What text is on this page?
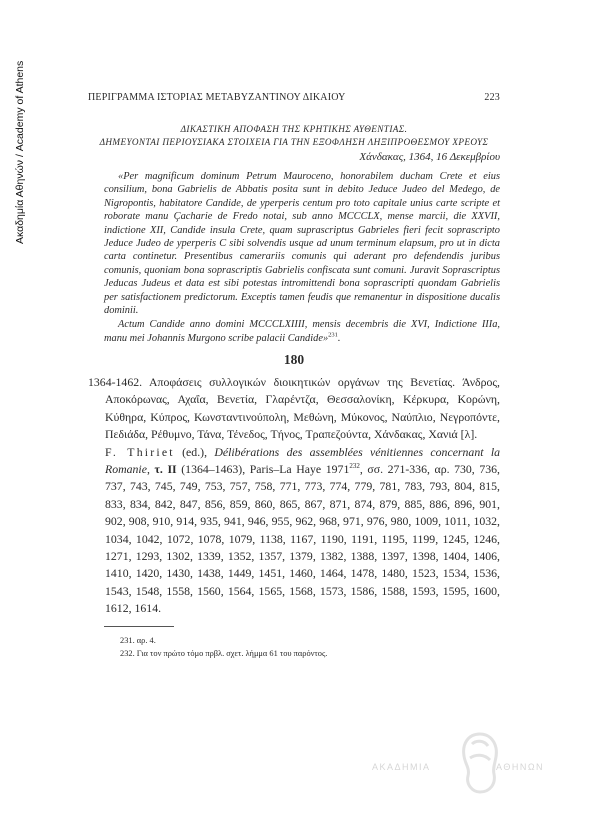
Ακαδημία Αθηνών / Academy of Athens	ΠΕΡΙΓΡΑΜΜΑ ΙΣΤΟΡΙΑΣ ΜΕΤΑΒΥΖΑΝΤΙΝΟΥ ΔΙΚΑΙΟΥ	223
ΔΙΚΑΣΤΙΚΗ ΑΠΟΦΑΣΗ ΤΗΣ ΚΡΗΤΙΚΗΣ ΑΥΘΕΝΤΙΑΣ.
ΔΗΜΕΥΟΝΤΑΙ ΠΕΡΙΟΥΣΙΑΚΑ ΣΤΟΙΧΕΙΑ ΓΙΑ ΤΗΝ ΕΞΟΦΛΗΣΗ ΛΗΞΙΠΡΟΘΕΣΜΟΥ ΧΡΕΟΥΣ
Χάνδακας, 1364, 16 Δεκεμβρίου

«Per magnificum dominum Petrum Mauroceno, honorabilem ducham Crete et eius consilium, bona Gabrielis de Abbatis posita sunt in debito Jeduce Judeo del Medego, de Nigropontis, habitatore Candide, de yperperis centum pro toto capitale unius carte scripte et roborate manu Çacharie de Fredo notai, sub anno MCCCLX, mense marcii, die XXVII, indictione XII, Candide insula Crete, quam suprascriptus Gabrieles fieri fecit soprascripto Jeduce Judeo de yperperis C sibi solvendis usque ad unum terminum elapsum, pro ut in dicta carta continetur. Presentibus camerariis comunis qui aderant pro defendendis juribus comunis, quoniam bona soprascriptis Gabrielis confiscata sunt comuni. Juravit Soprascriptus Jeducas Judeus et data est sibi potestas intromittendi bona soprascripti quondam Gabrielis per satisfactionem predictorum. Exceptis tamen feudis que remanentur in dispositione ducalis dominii.

Actum Candide anno domini MCCCLXIIII, mensis decembris die XVI, Indictione IIIa, manu mei Johannis Murgono scribe palacii Candide»$^{231}$.

180

1364-1462. Αποφάσεις συλλογικών διοικητικών οργάνων της Βενετίας. Άνδρος, Αποκόρωνας, Αχαΐα, Βενετία, Γλαρέντζα, Θεσσαλονίκη, Κέρκυρα, Κορώνη, Κύθηρα, Κύπρος, Κωνσταντινούπολη, Μεθώνη, Μύκονος, Ναύπλιο, Νεγροπόντε, Πεδιάδα, Ρέθυμνο, Τάνα, Τένεδος, Τήνος, Τραπεζούντα, Χάνδακας, Χανιά [λ].

F. Thiriet (ed.), Délibérations des assemblées vénitiennes concernant la Romanie, τ. II (1364–1463), Paris–La Haye 1971$^{232}$, σσ. 271-336, αρ. 730, 736, 737, 743, 745, 749, 753, 757, 758, 771, 773, 774, 779, 781, 783, 793, 804, 815, 833, 834, 842, 847, 856, 859, 860, 865, 867, 871, 874, 879, 885, 886, 896, 901, 902, 908, 910, 914, 935, 941, 946, 955, 962, 968, 971, 976, 980, 1009, 1011, 1032, 1034, 1042, 1072, 1078, 1079, 1138, 1167, 1190, 1191, 1195, 1199, 1245, 1246, 1271, 1293, 1302, 1339, 1352, 1357, 1379, 1382, 1388, 1397, 1398, 1404, 1406, 1410, 1420, 1430, 1438, 1449, 1451, 1460, 1464, 1478, 1480, 1523, 1534, 1536, 1543, 1548, 1558, 1560, 1564, 1565, 1568, 1573, 1586, 1588, 1593, 1595, 1600, 1612, 1614.

231. αρ. 4.
232. Για τον πρώτο τόμο πρβλ. σχετ. λήμμα 61 του παρόντος.
ΑΚΑΔΗΜΙΑ	ΑΘΗΝΩΝ
